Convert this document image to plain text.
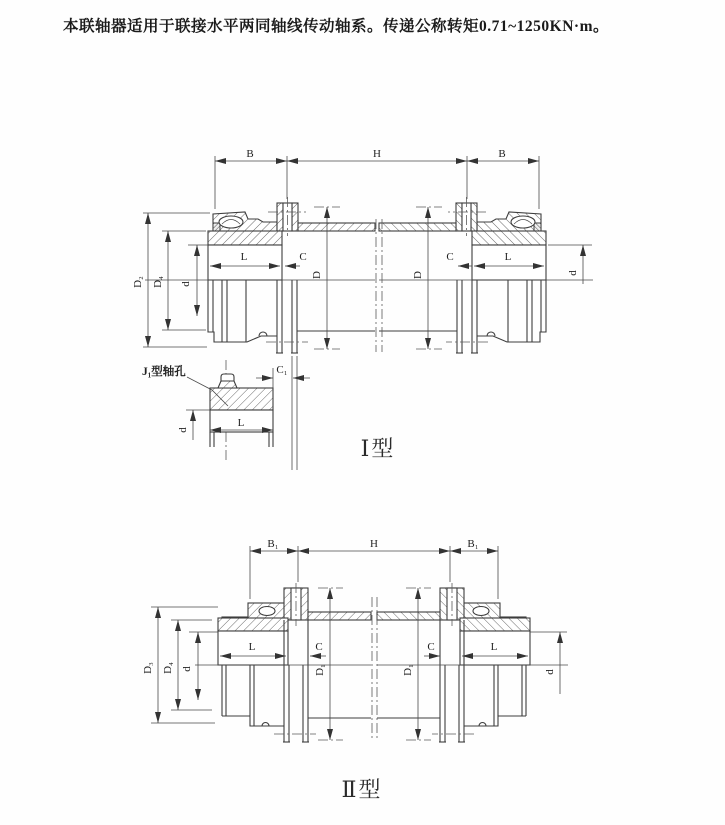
本联轴器适用于联接水平两同轴线传动轴系。传递公称转矩0.71~1250KN·m。
B	H	B
D₂ D₄ d
D	D
L	L
C	C
d
J₁型轴孔	C₁
L
d
Ⅰ型
B₁	H	B₁
D₃ D₄ d	D₁	D₁
L	L
C	C
d
Ⅱ型
